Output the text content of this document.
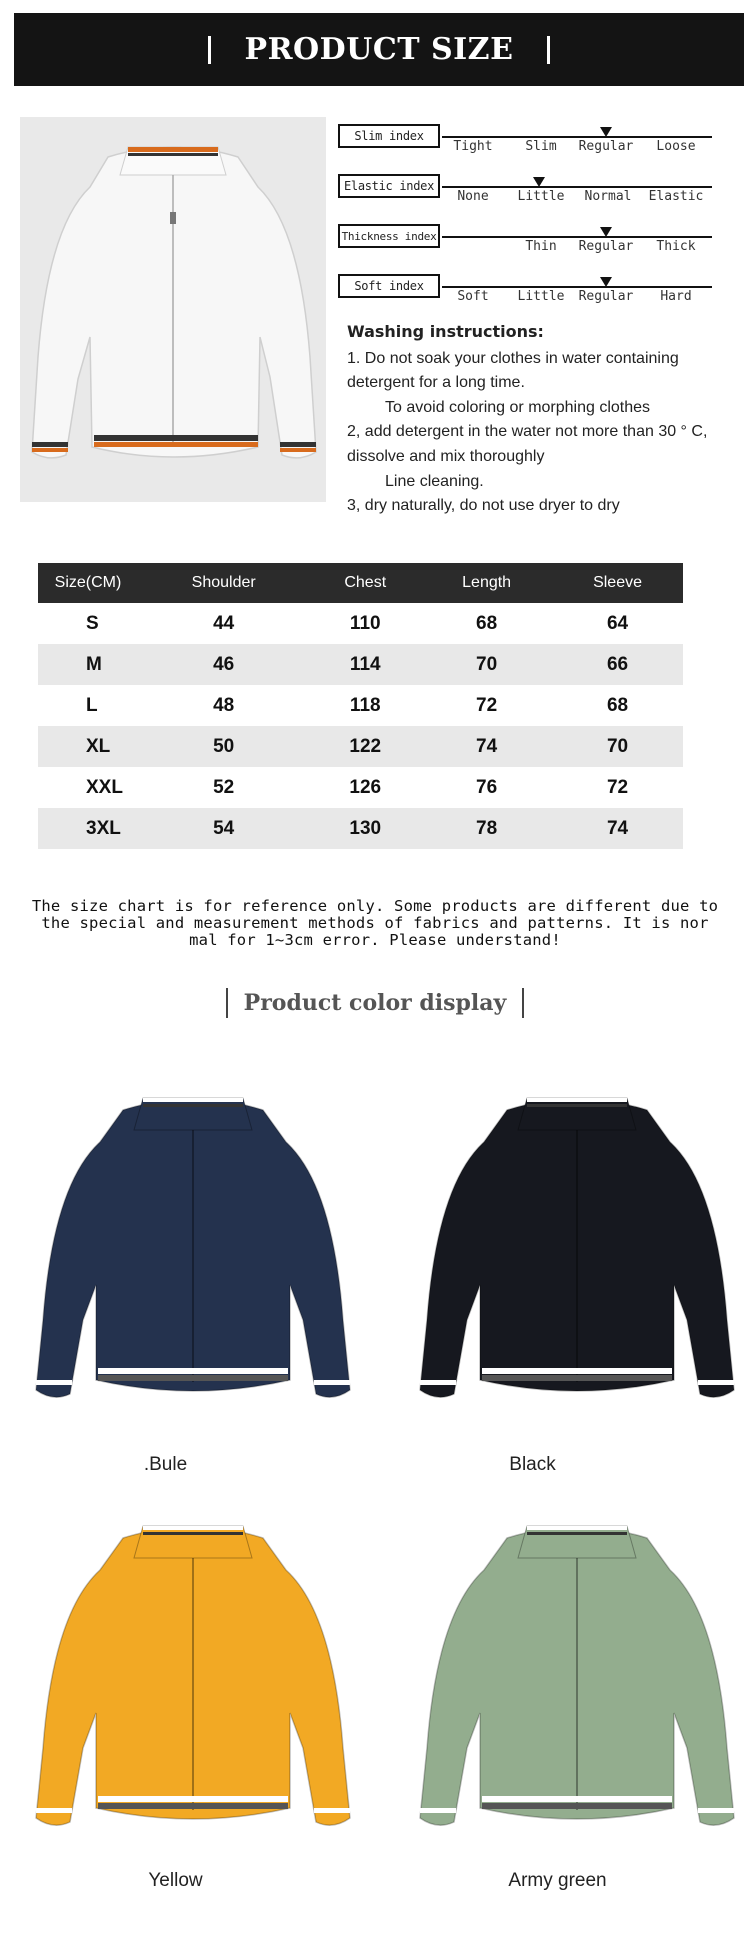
PRODUCT SIZE
Slim index
Tight	Slim Regular Loose
Elastic index
None Little Normal Elastic
Thickness index
Thin Regular Thick
Soft index
Soft Little Regular Hard
Washing instructions:
1. Do not soak your clothes in water containing detergent for a long time.
To avoid coloring or morphing clothes
2, add detergent in the water not more than 30 ° C, dissolve and mix thoroughly
Line cleaning.
3, dry naturally, do not use dryer to dry
Size(CM)	Shoulder	Chest	Length	Sleeve
S	44	110	68	64
M	46	114	70	66
L	48	118	72	68
XL	50	122	74	70
XXL	52	126	76	72
3XL	54	130	78	74
The size chart is for reference only. Some products are different due to
the special and measurement methods of fabrics and patterns. It is nor
mal for 1~3cm error. Please understand!
Product color display
.Bule	Black
Yellow	Army green
